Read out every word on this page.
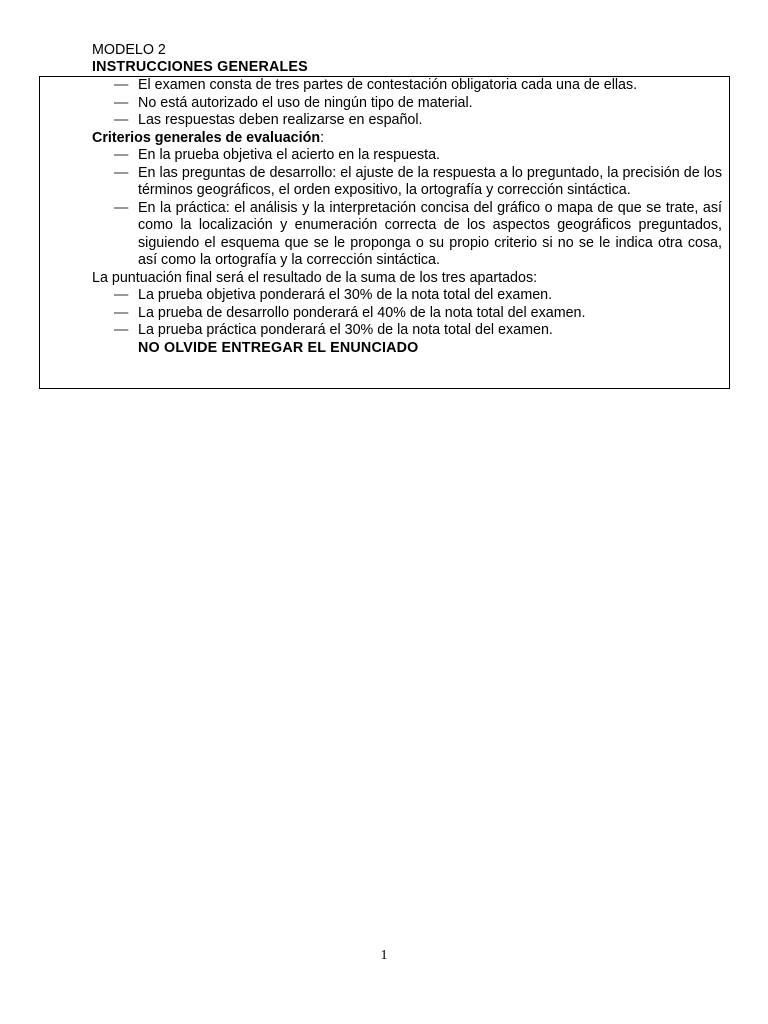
MODELO 2
INSTRUCCIONES GENERALES
— El examen consta de tres partes de contestación obligatoria cada una de ellas.
— No está autorizado el uso de ningún tipo de material.
— Las respuestas deben realizarse en español.

Criterios generales de evaluación:

— En la prueba objetiva el acierto en la respuesta.
— En las preguntas de desarrollo: el ajuste de la respuesta a lo preguntado, la precisión de los términos geográficos, el orden expositivo, la ortografía y corrección sintáctica.
— En la práctica: el análisis y la interpretación concisa del gráfico o mapa de que se trate, así como la localización y enumeración correcta de los aspectos geográficos preguntados, siguiendo el esquema que se le proponga o su propio criterio si no se le indica otra cosa, así como la ortografía y la corrección sintáctica.

La puntuación final será el resultado de la suma de los tres apartados:

— La prueba objetiva ponderará el 30% de la nota total del examen.
— La prueba de desarrollo ponderará el 40% de la nota total del examen.
— La prueba práctica ponderará el 30% de la nota total del examen.

NO OLVIDE ENTREGAR EL ENUNCIADO

1
